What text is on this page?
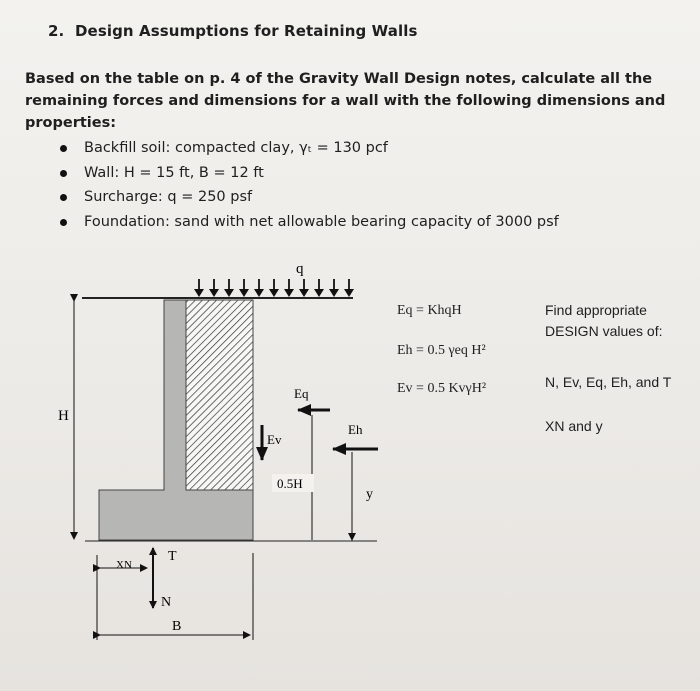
2. Design Assumptions for Retaining Walls
Based on the table on p. 4 of the Gravity Wall Design notes, calculate all the remaining forces and dimensions for a wall with the following dimensions and properties:
Backfill soil: compacted clay, γₜ = 130 pcf
Wall: H = 15 ft, B = 12 ft
Surcharge: q = 250 psf
Foundation: sand with net allowable bearing capacity of 3000 psf
q
H
Eq
Ev
Eh
y
0.5H
XN
T
N
B
Eq = KhqH
Eh = 0.5 γeq H²
Ev = 0.5 KvγH²
Find appropriate
DESIGN values of:
N, Ev, Eq, Eh, and T
XN and y
